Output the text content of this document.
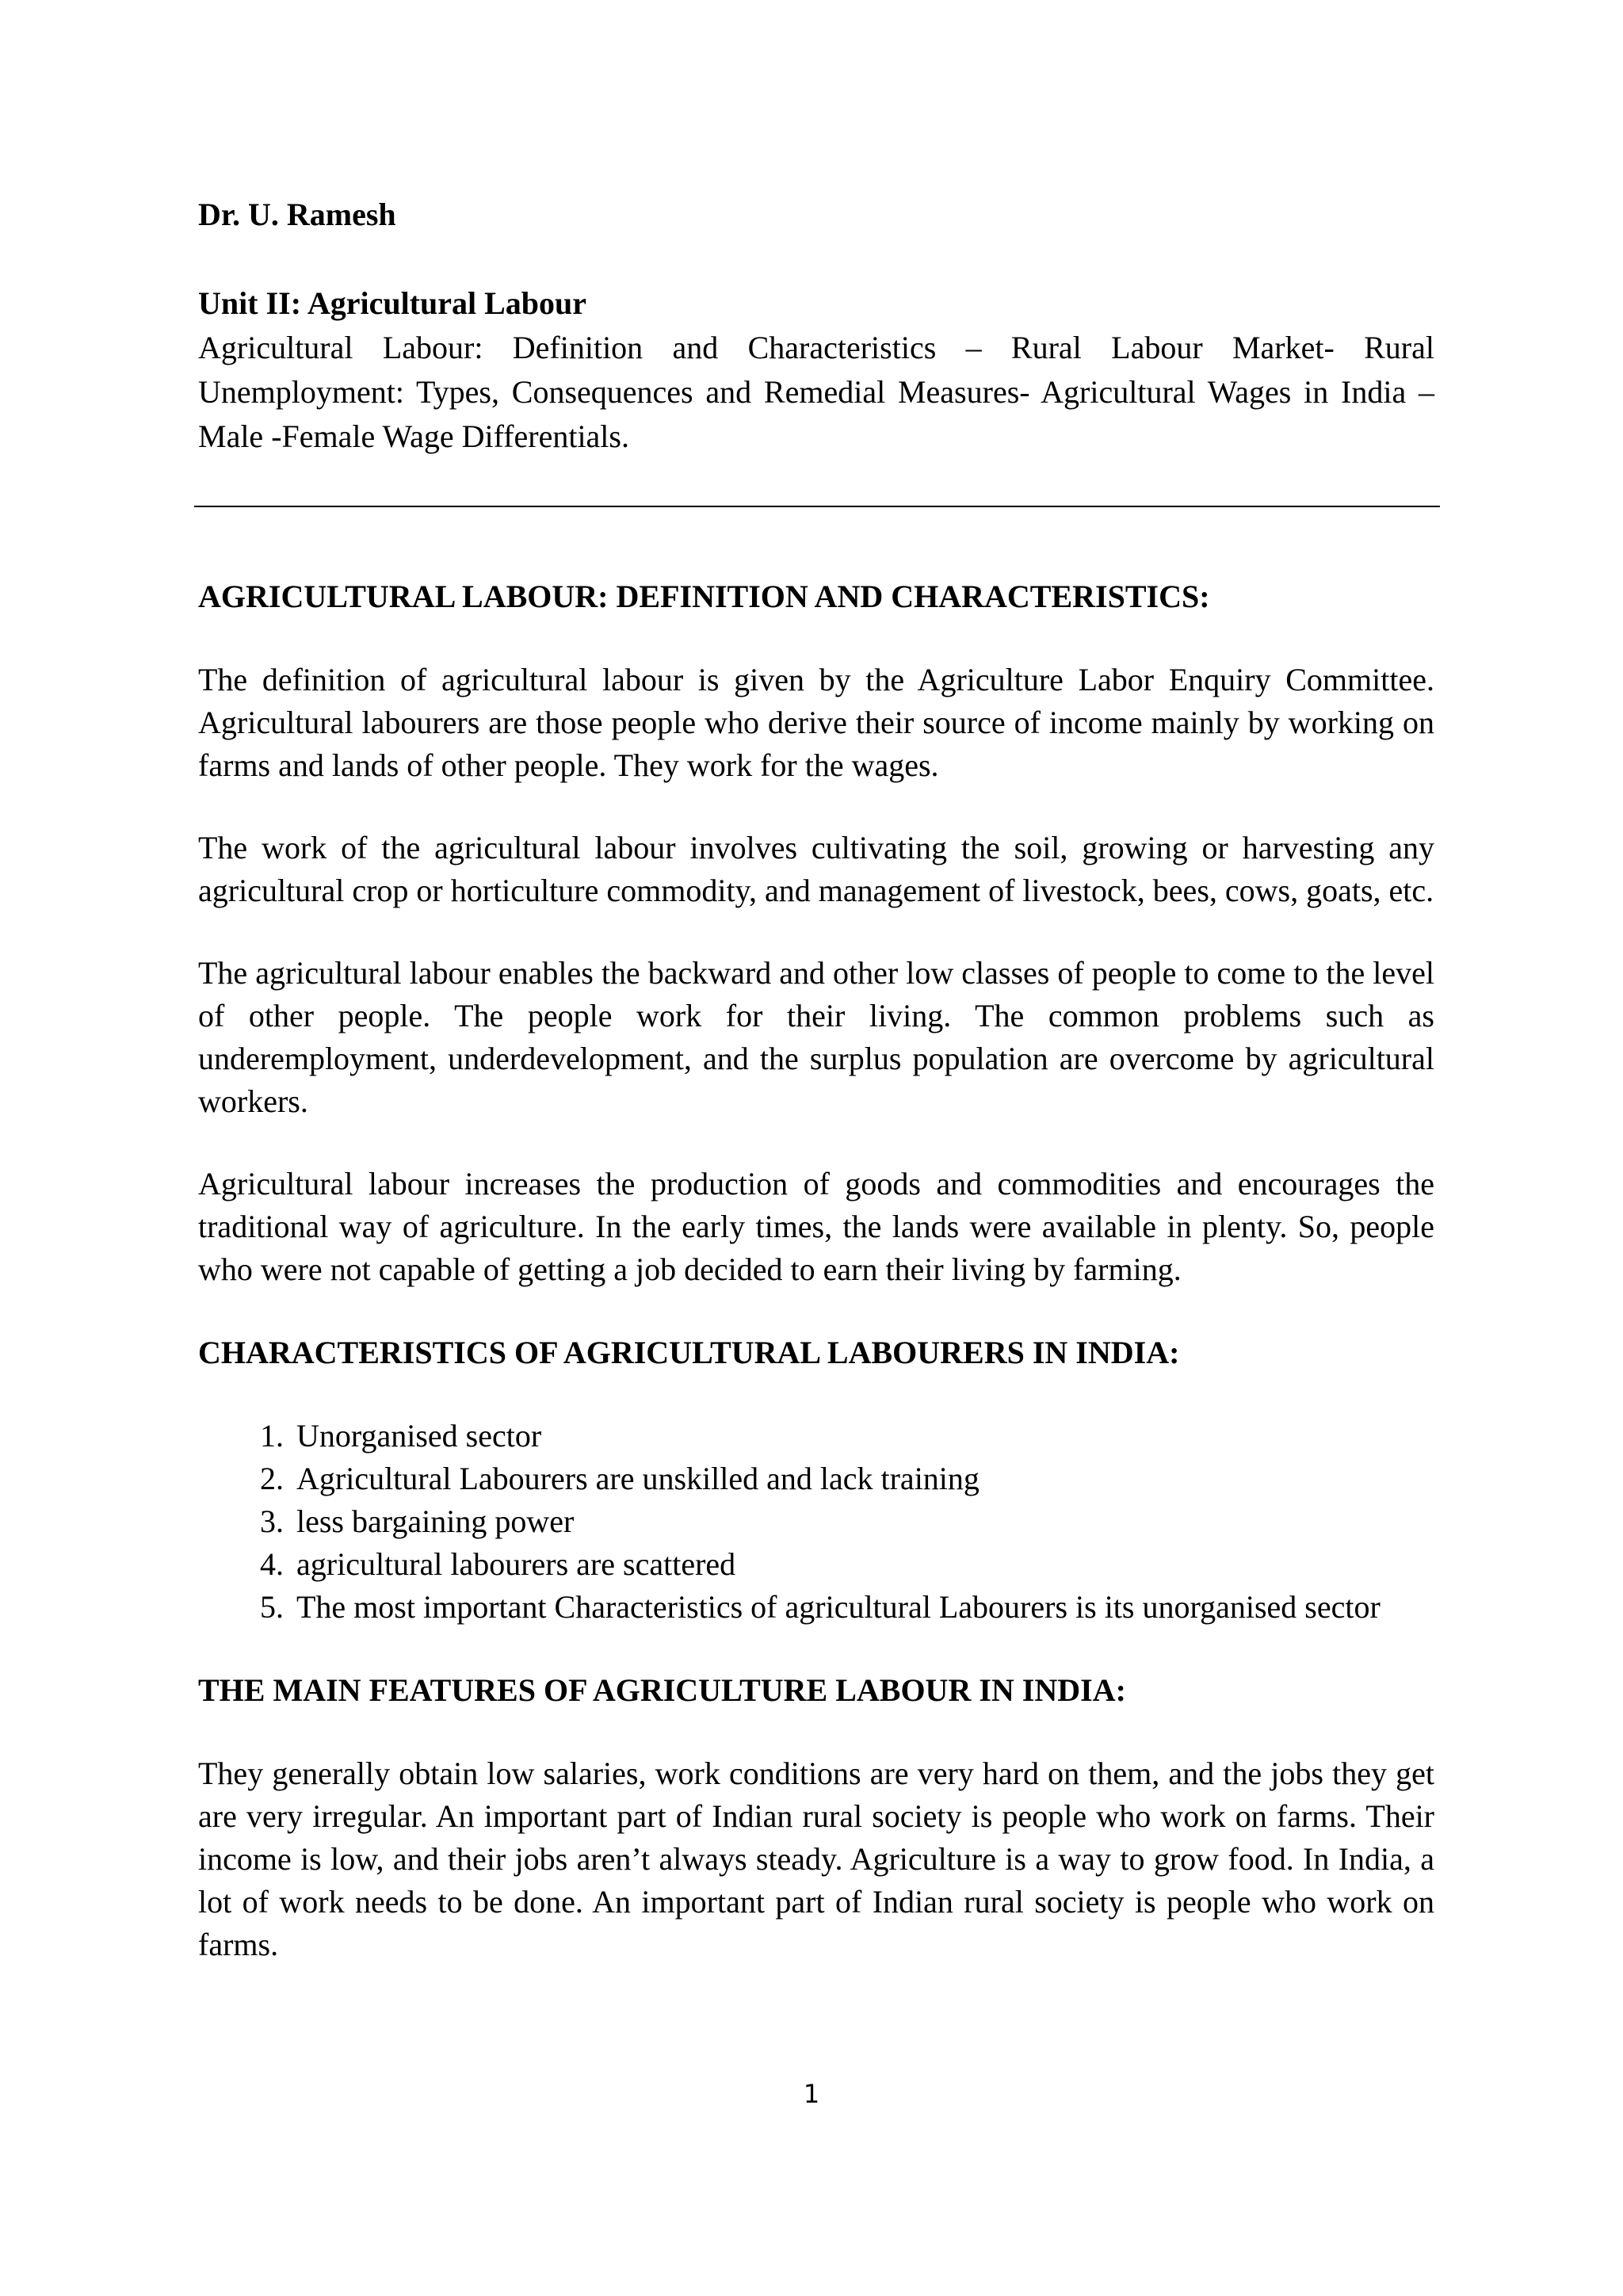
Dr. U. Ramesh

Unit II: Agricultural Labour

Agricultural Labour: Definition and Characteristics – Rural Labour Market- Rural Unemployment: Types, Consequences and Remedial Measures- Agricultural Wages in India – Male -Female Wage Differentials.

AGRICULTURAL LABOUR: DEFINITION AND CHARACTERISTICS:

The definition of agricultural labour is given by the Agriculture Labor Enquiry Committee. Agricultural labourers are those people who derive their source of income mainly by working on farms and lands of other people. They work for the wages.

The work of the agricultural labour involves cultivating the soil, growing or harvesting any agricultural crop or horticulture commodity, and management of livestock, bees, cows, goats, etc.

The agricultural labour enables the backward and other low classes of people to come to the level of other people. The people work for their living. The common problems such as underemployment, underdevelopment, and the surplus population are overcome by agricultural workers.

Agricultural labour increases the production of goods and commodities and encourages the traditional way of agriculture. In the early times, the lands were available in plenty. So, people who were not capable of getting a job decided to earn their living by farming.

CHARACTERISTICS OF AGRICULTURAL LABOURERS IN INDIA:

1. Unorganised sector
2. Agricultural Labourers are unskilled and lack training
3. less bargaining power
4. agricultural labourers are scattered
5. The most important Characteristics of agricultural Labourers is its unorganised sector

THE MAIN FEATURES OF AGRICULTURE LABOUR IN INDIA:

They generally obtain low salaries, work conditions are very hard on them, and the jobs they get are very irregular. An important part of Indian rural society is people who work on farms. Their income is low, and their jobs aren’t always steady. Agriculture is a way to grow food. In India, a lot of work needs to be done. An important part of Indian rural society is people who work on farms.

1
